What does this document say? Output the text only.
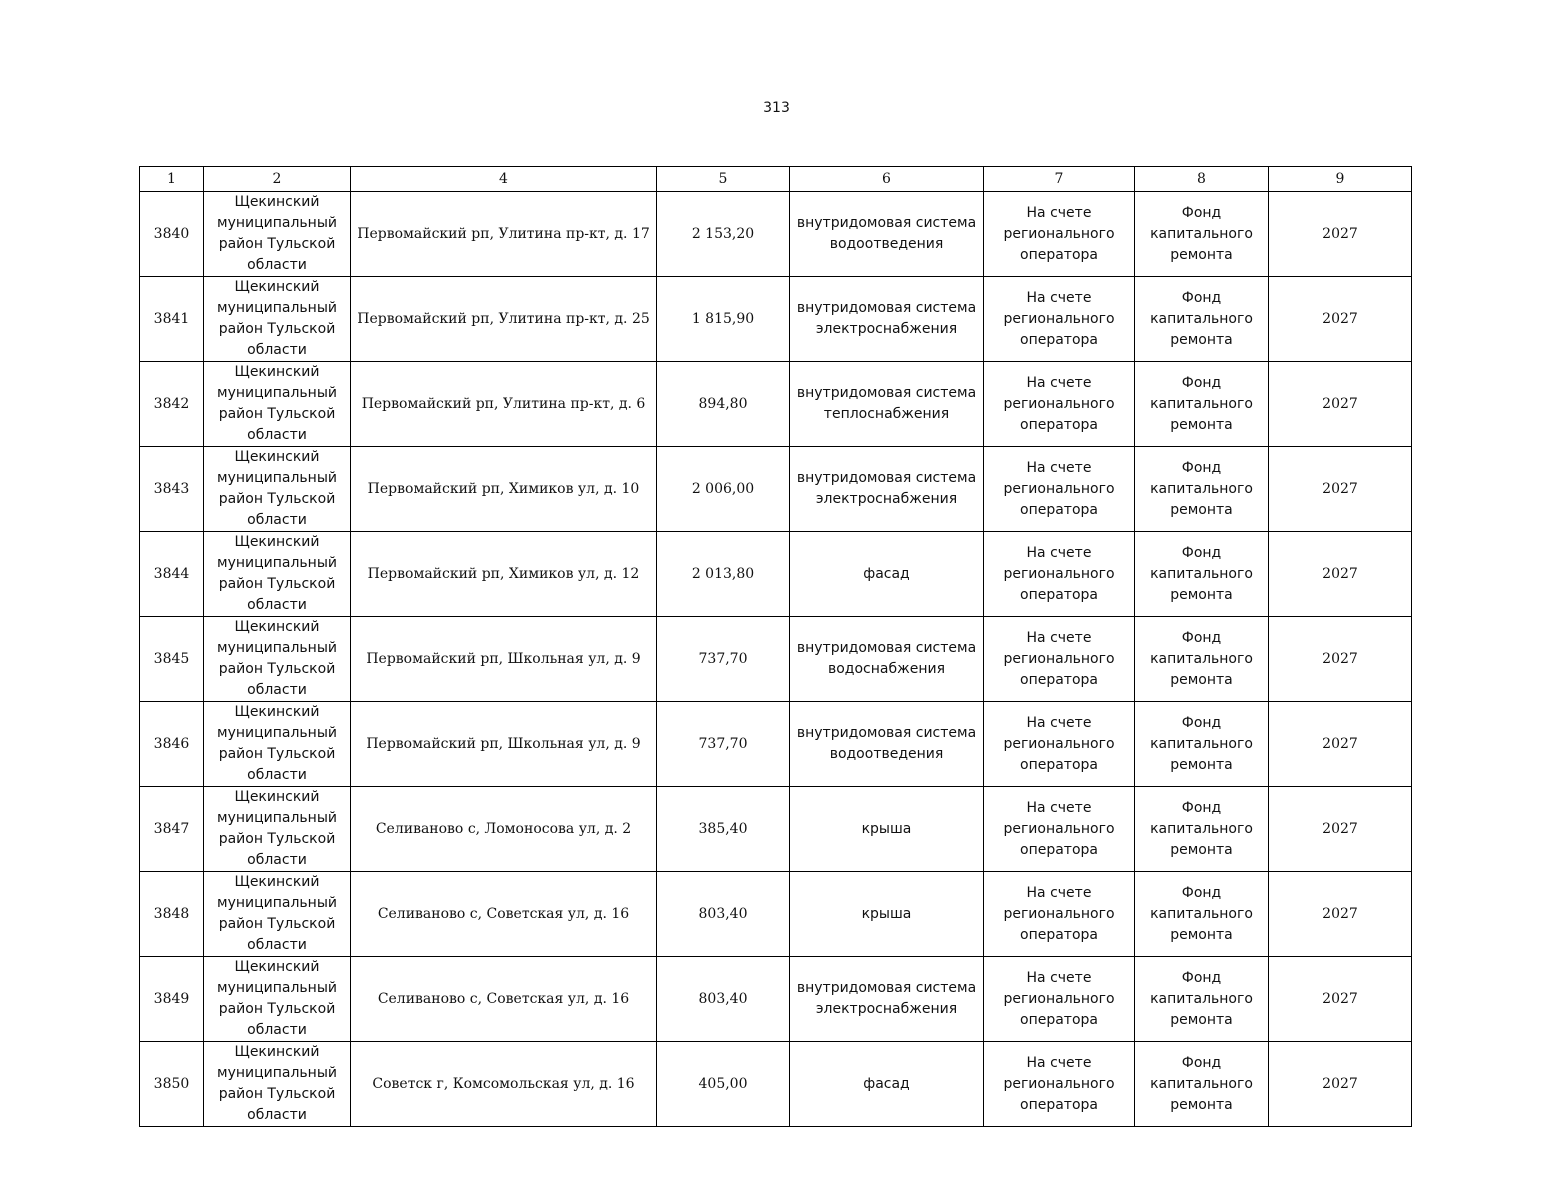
313
1	2	4	5	6	7	8	9
3840	Щекинский муниципальный район Тульской области	Первомайский рп, Улитина пр-кт, д. 17	2 153,20	внутридомовая система водоотведения	На счете регионального оператора	Фонд капитального ремонта	2027
3841	Щекинский муниципальный район Тульской области	Первомайский рп, Улитина пр-кт, д. 25	1 815,90	внутридомовая система электроснабжения	На счете регионального оператора	Фонд капитального ремонта	2027
3842	Щекинский муниципальный район Тульской области	Первомайский рп, Улитина пр-кт, д. 6	894,80	внутридомовая система теплоснабжения	На счете регионального оператора	Фонд капитального ремонта	2027
3843	Щекинский муниципальный район Тульской области	Первомайский рп, Химиков ул, д. 10	2 006,00	внутридомовая система электроснабжения	На счете регионального оператора	Фонд капитального ремонта	2027
3844	Щекинский муниципальный район Тульской области	Первомайский рп, Химиков ул, д. 12	2 013,80	фасад	На счете регионального оператора	Фонд капитального ремонта	2027
3845	Щекинский муниципальный район Тульской области	Первомайский рп, Школьная ул, д. 9	737,70	внутридомовая система водоснабжения	На счете регионального оператора	Фонд капитального ремонта	2027
3846	Щекинский муниципальный район Тульской области	Первомайский рп, Школьная ул, д. 9	737,70	внутридомовая система водоотведения	На счете регионального оператора	Фонд капитального ремонта	2027
3847	Щекинский муниципальный район Тульской области	Селиваново с, Ломоносова ул, д. 2	385,40	крыша	На счете регионального оператора	Фонд капитального ремонта	2027
3848	Щекинский муниципальный район Тульской области	Селиваново с, Советская ул, д. 16	803,40	крыша	На счете регионального оператора	Фонд капитального ремонта	2027
3849	Щекинский муниципальный район Тульской области	Селиваново с, Советская ул, д. 16	803,40	внутридомовая система электроснабжения	На счете регионального оператора	Фонд капитального ремонта	2027
3850	Щекинский муниципальный район Тульской области	Советск г, Комсомольская ул, д. 16	405,00	фасад	На счете регионального оператора	Фонд капитального ремонта	2027
